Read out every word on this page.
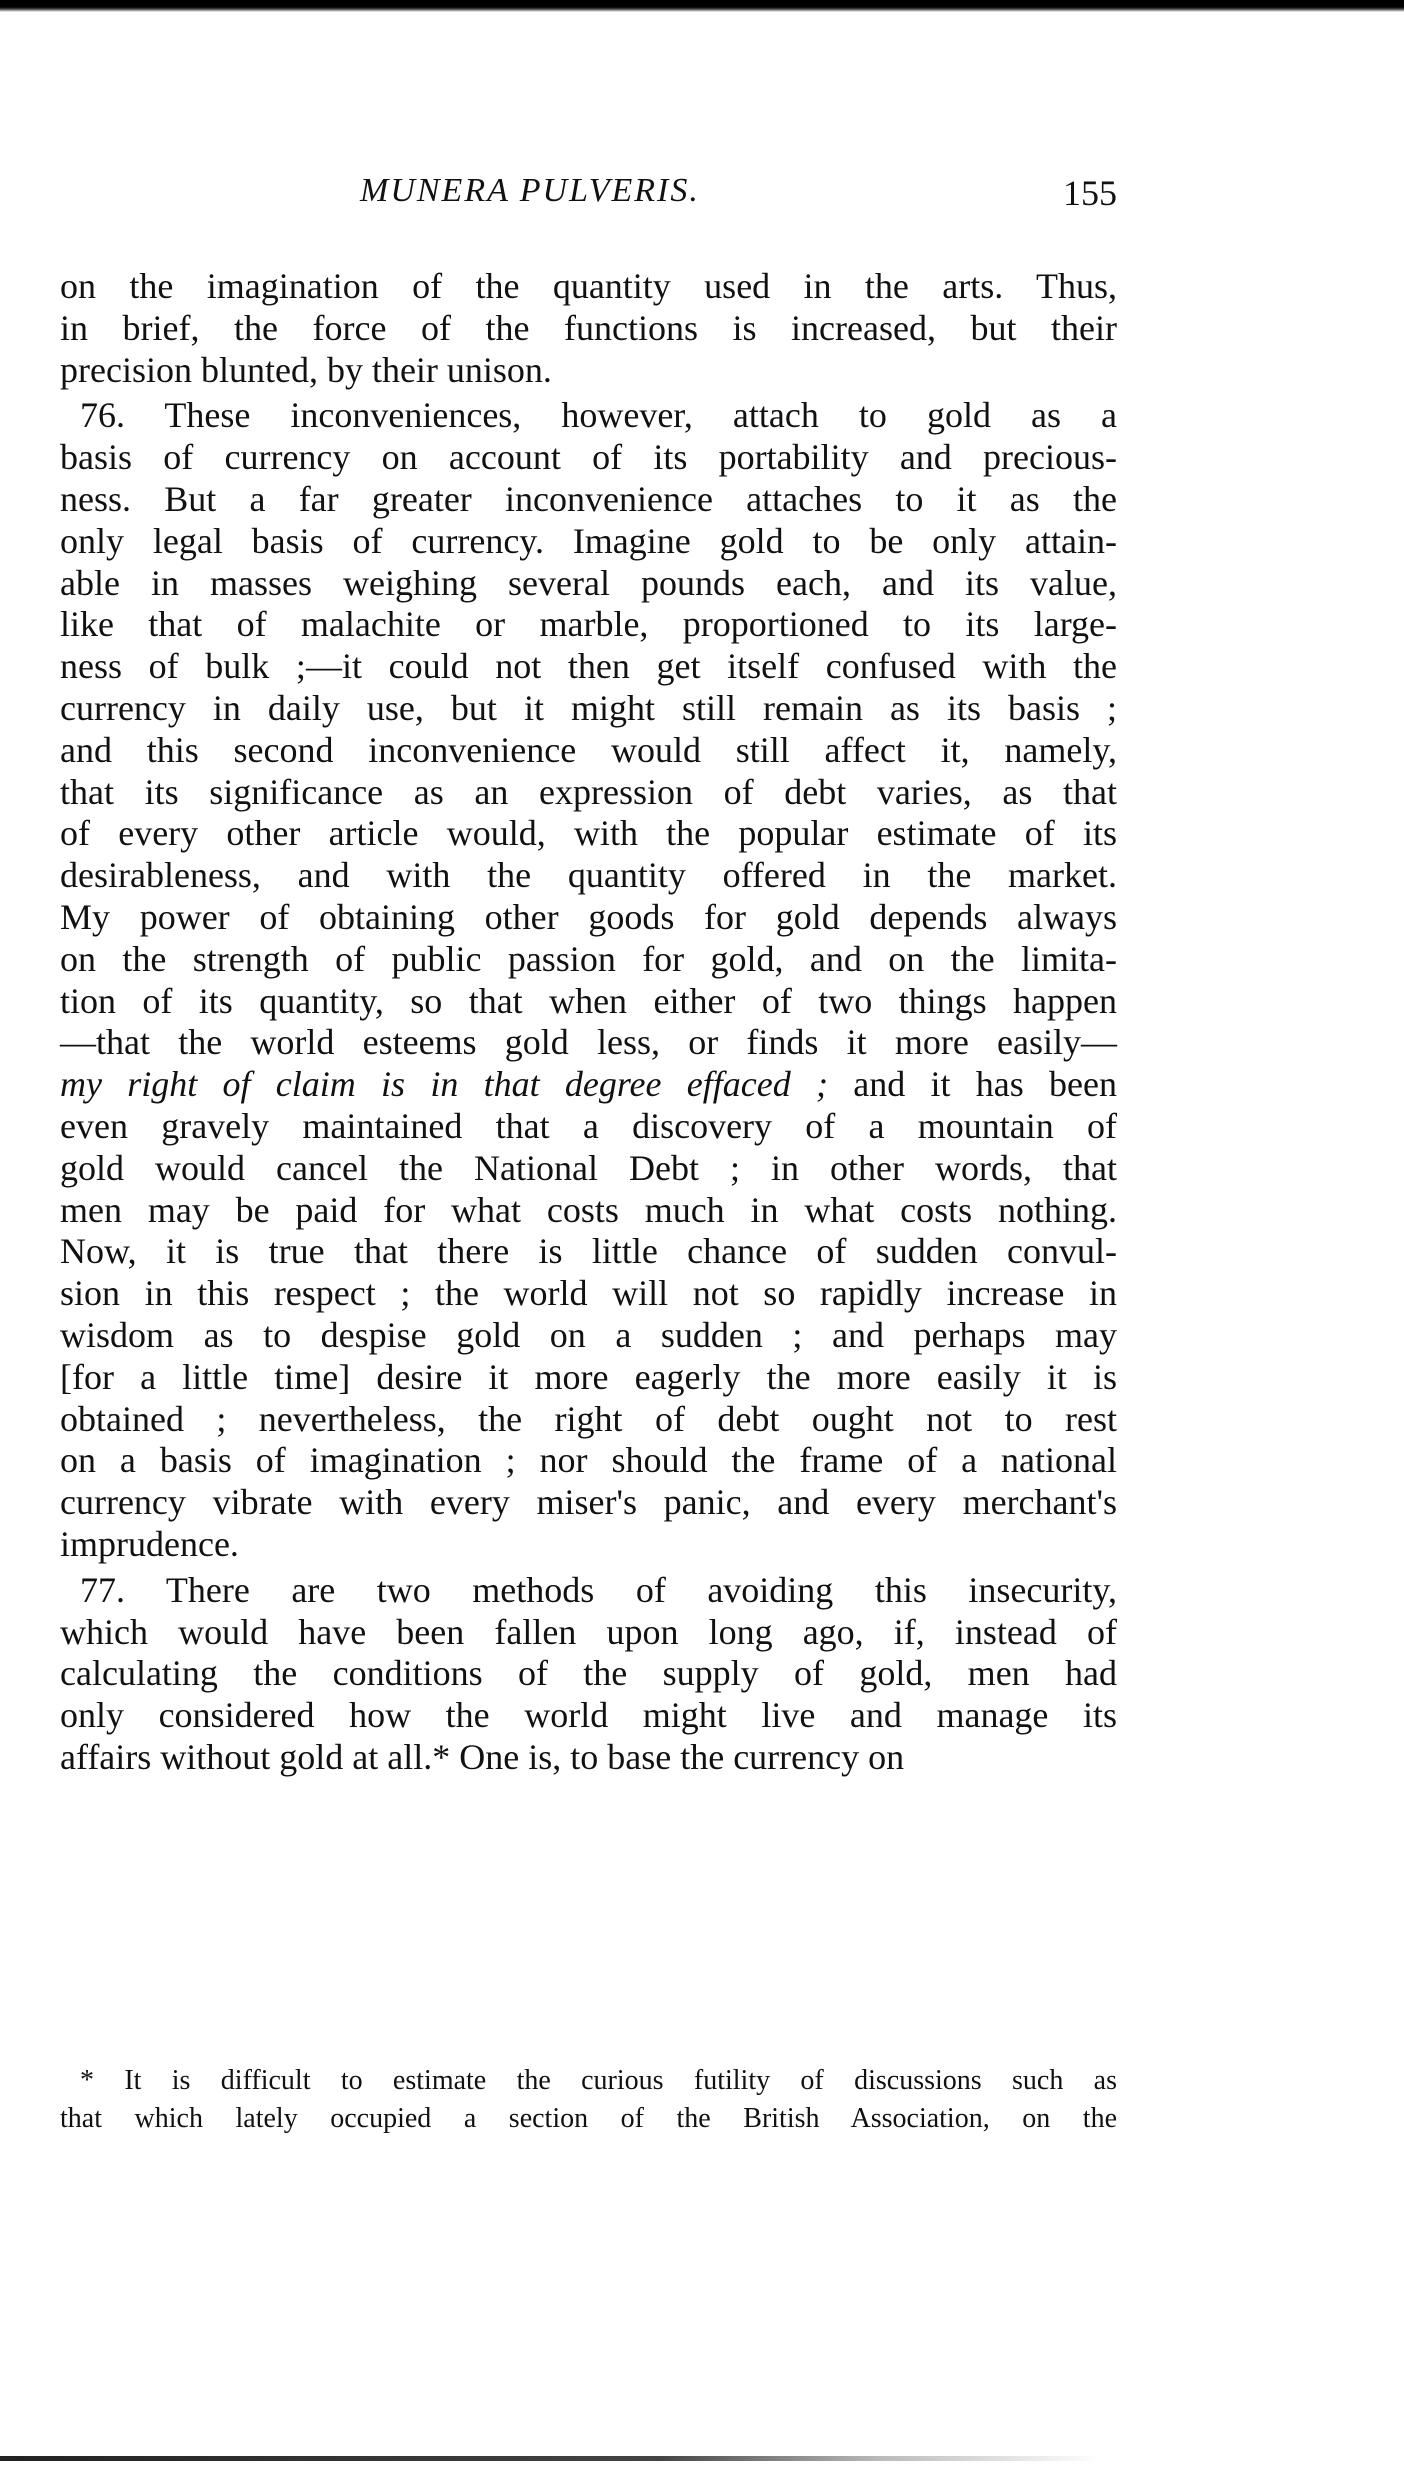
MUNERA PULVERIS.	155
on the imagination of the quantity used in the arts. Thus,
in brief, the force of the functions is increased, but their
precision blunted, by their unison.
76. These inconveniences, however, attach to gold as a
basis of currency on account of its portability and precious-
ness. But a far greater inconvenience attaches to it as the
only legal basis of currency. Imagine gold to be only attain-
able in masses weighing several pounds each, and its value,
like that of malachite or marble, proportioned to its large-
ness of bulk ;—it could not then get itself confused with the
currency in daily use, but it might still remain as its basis ;
and this second inconvenience would still affect it, namely,
that its significance as an expression of debt varies, as that
of every other article would, with the popular estimate of its
desirableness, and with the quantity offered in the market.
My power of obtaining other goods for gold depends always
on the strength of public passion for gold, and on the limita-
tion of its quantity, so that when either of two things happen
—that the world esteems gold less, or finds it more easily—
my right of claim is in that degree effaced ; and it has been
even gravely maintained that a discovery of a mountain of
gold would cancel the National Debt ; in other words, that
men may be paid for what costs much in what costs nothing.
Now, it is true that there is little chance of sudden convul-
sion in this respect ; the world will not so rapidly increase in
wisdom as to despise gold on a sudden ; and perhaps may
[for a little time] desire it more eagerly the more easily it is
obtained ; nevertheless, the right of debt ought not to rest
on a basis of imagination ; nor should the frame of a national
currency vibrate with every miser's panic, and every merchant's
imprudence.
77. There are two methods of avoiding this insecurity,
which would have been fallen upon long ago, if, instead of
calculating the conditions of the supply of gold, men had
only considered how the world might live and manage its
affairs without gold at all.* One is, to base the currency on
* It is difficult to estimate the curious futility of discussions such as
that which lately occupied a section of the British Association, on the
